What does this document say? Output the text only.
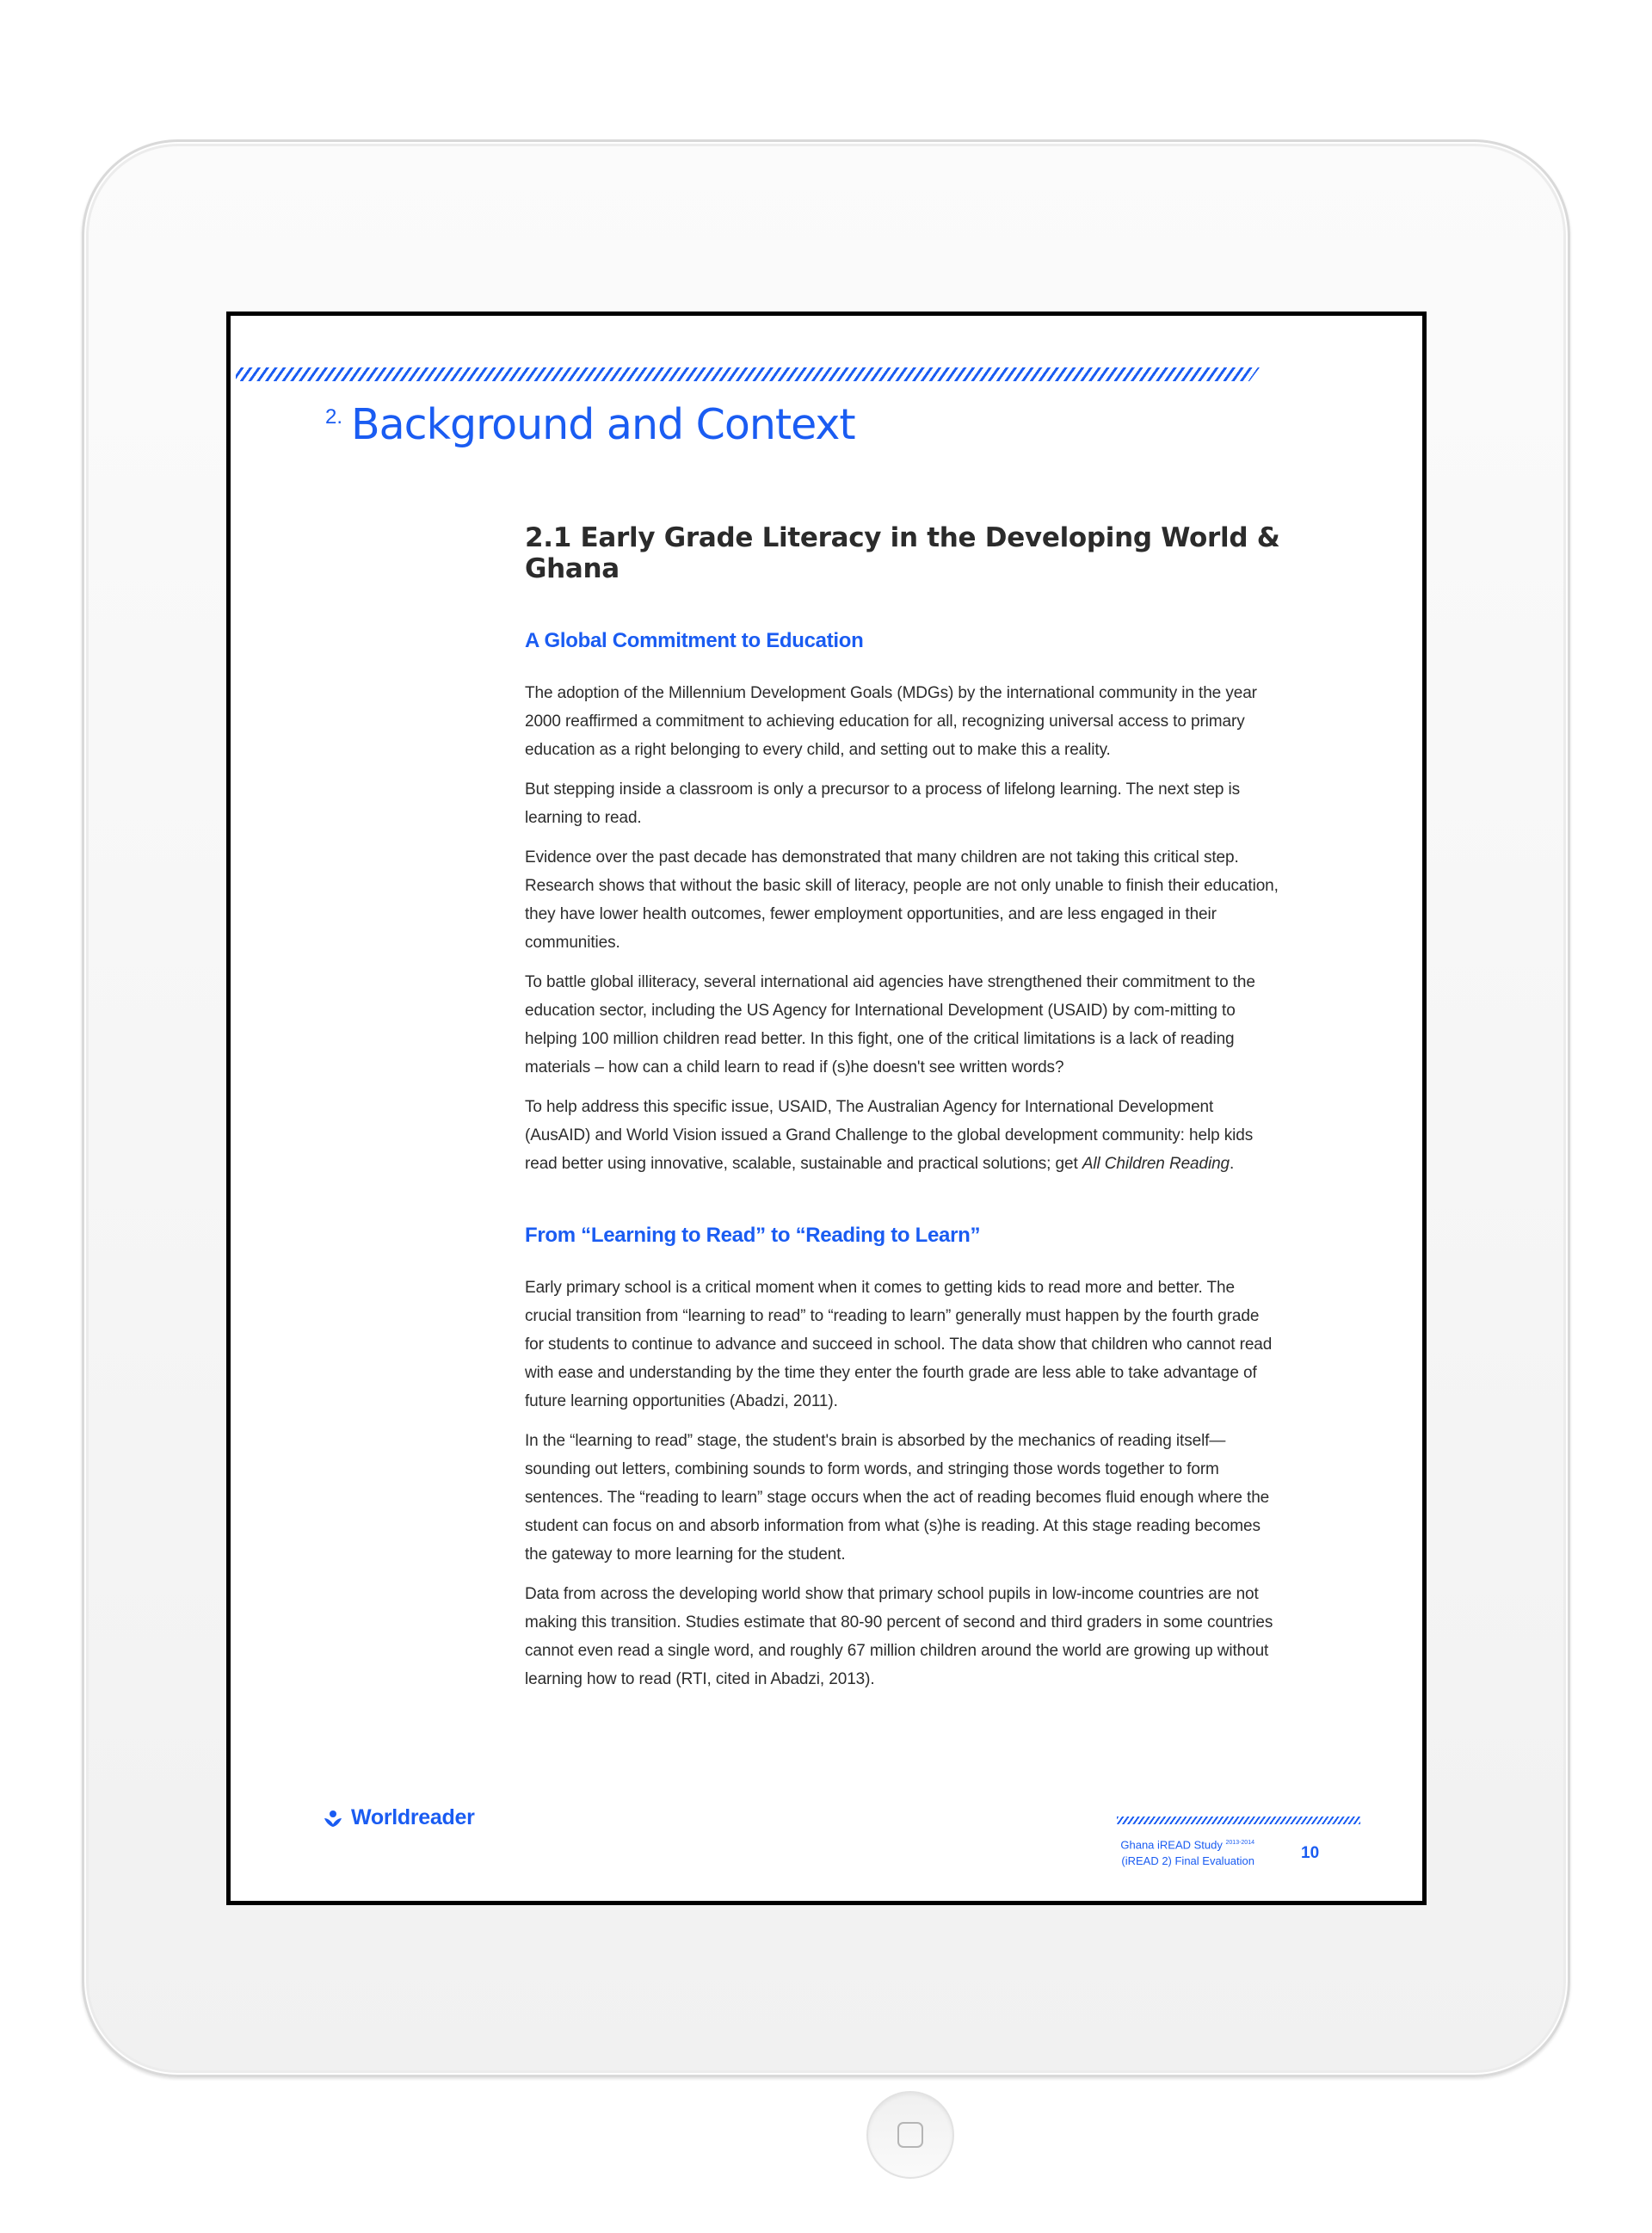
2. Background and Context
2.1 Early Grade Literacy in the Developing World & Ghana
A Global Commitment to Education

The adoption of the Millennium Development Goals (MDGs) by the international community in the year 2000 reaffirmed a commitment to achieving education for all, recognizing universal access to primary education as a right belonging to every child, and setting out to make this a reality.

But stepping inside a classroom is only a precursor to a process of lifelong learning. The next step is learning to read.

Evidence over the past decade has demonstrated that many children are not taking this critical step. Research shows that without the basic skill of literacy, people are not only unable to finish their education, they have lower health outcomes, fewer employment opportunities, and are less engaged in their communities.

To battle global illiteracy, several international aid agencies have strengthened their commitment to the education sector, including the US Agency for International Development (USAID) by com-mitting to helping 100 million children read better. In this fight, one of the critical limitations is a lack of reading materials – how can a child learn to read if (s)he doesn't see written words?

To help address this specific issue, USAID, The Australian Agency for International Development (AusAID) and World Vision issued a Grand Challenge to the global development community: help kids read better using innovative, scalable, sustainable and practical solutions; get All Children Reading.

From “Learning to Read” to “Reading to Learn”

Early primary school is a critical moment when it comes to getting kids to read more and better. The crucial transition from “learning to read” to “reading to learn” generally must happen by the fourth grade for students to continue to advance and succeed in school. The data show that children who cannot read with ease and understanding by the time they enter the fourth grade are less able to take advantage of future learning opportunities (Abadzi, 2011).

In the “learning to read” stage, the student's brain is absorbed by the mechanics of reading itself—sounding out letters, combining sounds to form words, and stringing those words together to form sentences. The “reading to learn” stage occurs when the act of reading becomes fluid enough where the student can focus on and absorb information from what (s)he is reading. At this stage reading becomes the gateway to more learning for the student.

Data from across the developing world show that primary school pupils in low-income countries are not making this transition. Studies estimate that 80-90 percent of second and third graders in some countries cannot even read a single word, and roughly 67 million children around the world are growing up without learning how to read (RTI, cited in Abadzi, 2013).

Worldreader
Ghana iREAD Study $^{2013-2014}$
(iREAD 2) Final Evaluation	10
